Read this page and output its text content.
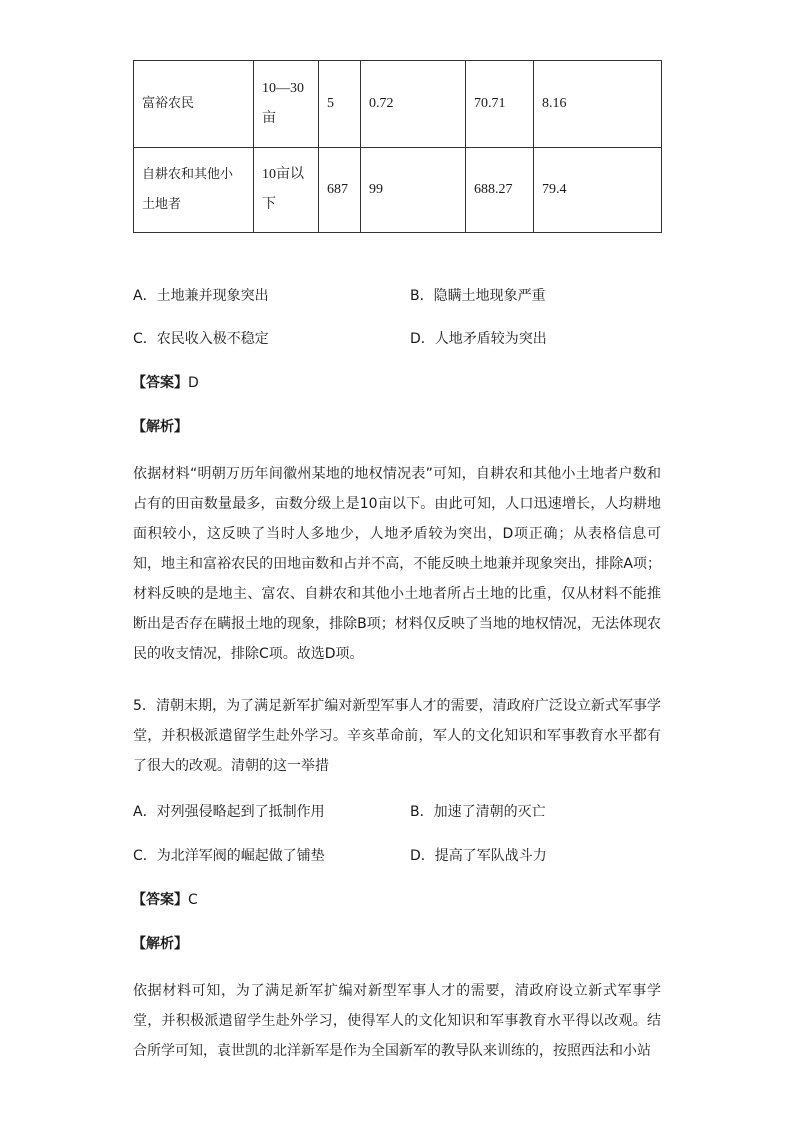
富裕农民	10—30亩	5	0.72	70.71	8.16
自耕农和其他小土地者	10亩以下	687	99	688.27	79.4
A．土地兼并现象突出	B．隐瞒土地现象严重
C．农民收入极不稳定	D．人地矛盾较为突出
【答案】D
【解析】
依据材料“明朝万历年间徽州某地的地权情况表”可知，自耕农和其他小土地者户数和占有的田亩数量最多，亩数分级上是10亩以下。由此可知，人口迅速增长，人均耕地面积较小，这反映了当时人多地少，人地矛盾较为突出，D项正确；从表格信息可知，地主和富裕农民的田地亩数和占并不高，不能反映土地兼并现象突出，排除A项；材料反映的是地主、富农、自耕农和其他小土地者所占土地的比重，仅从材料不能推断出是否存在瞒报土地的现象，排除B项；材料仅反映了当地的地权情况，无法体现农民的收支情况，排除C项。故选D项。
5．清朝末期，为了满足新军扩编对新型军事人才的需要，清政府广泛设立新式军事学堂，并积极派遣留学生赴外学习。辛亥革命前，军人的文化知识和军事教育水平都有了很大的改观。清朝的这一举措
A．对列强侵略起到了抵制作用	B．加速了清朝的灭亡
C．为北洋军阀的崛起做了铺垫	D．提高了军队战斗力
【答案】C
【解析】
依据材料可知，为了满足新军扩编对新型军事人才的需要，清政府设立新式军事学堂，并积极派遣留学生赴外学习，使得军人的文化知识和军事教育水平得以改观。结合所学可知，袁世凯的北洋新军是作为全国新军的教导队来训练的，按照西法和小站
